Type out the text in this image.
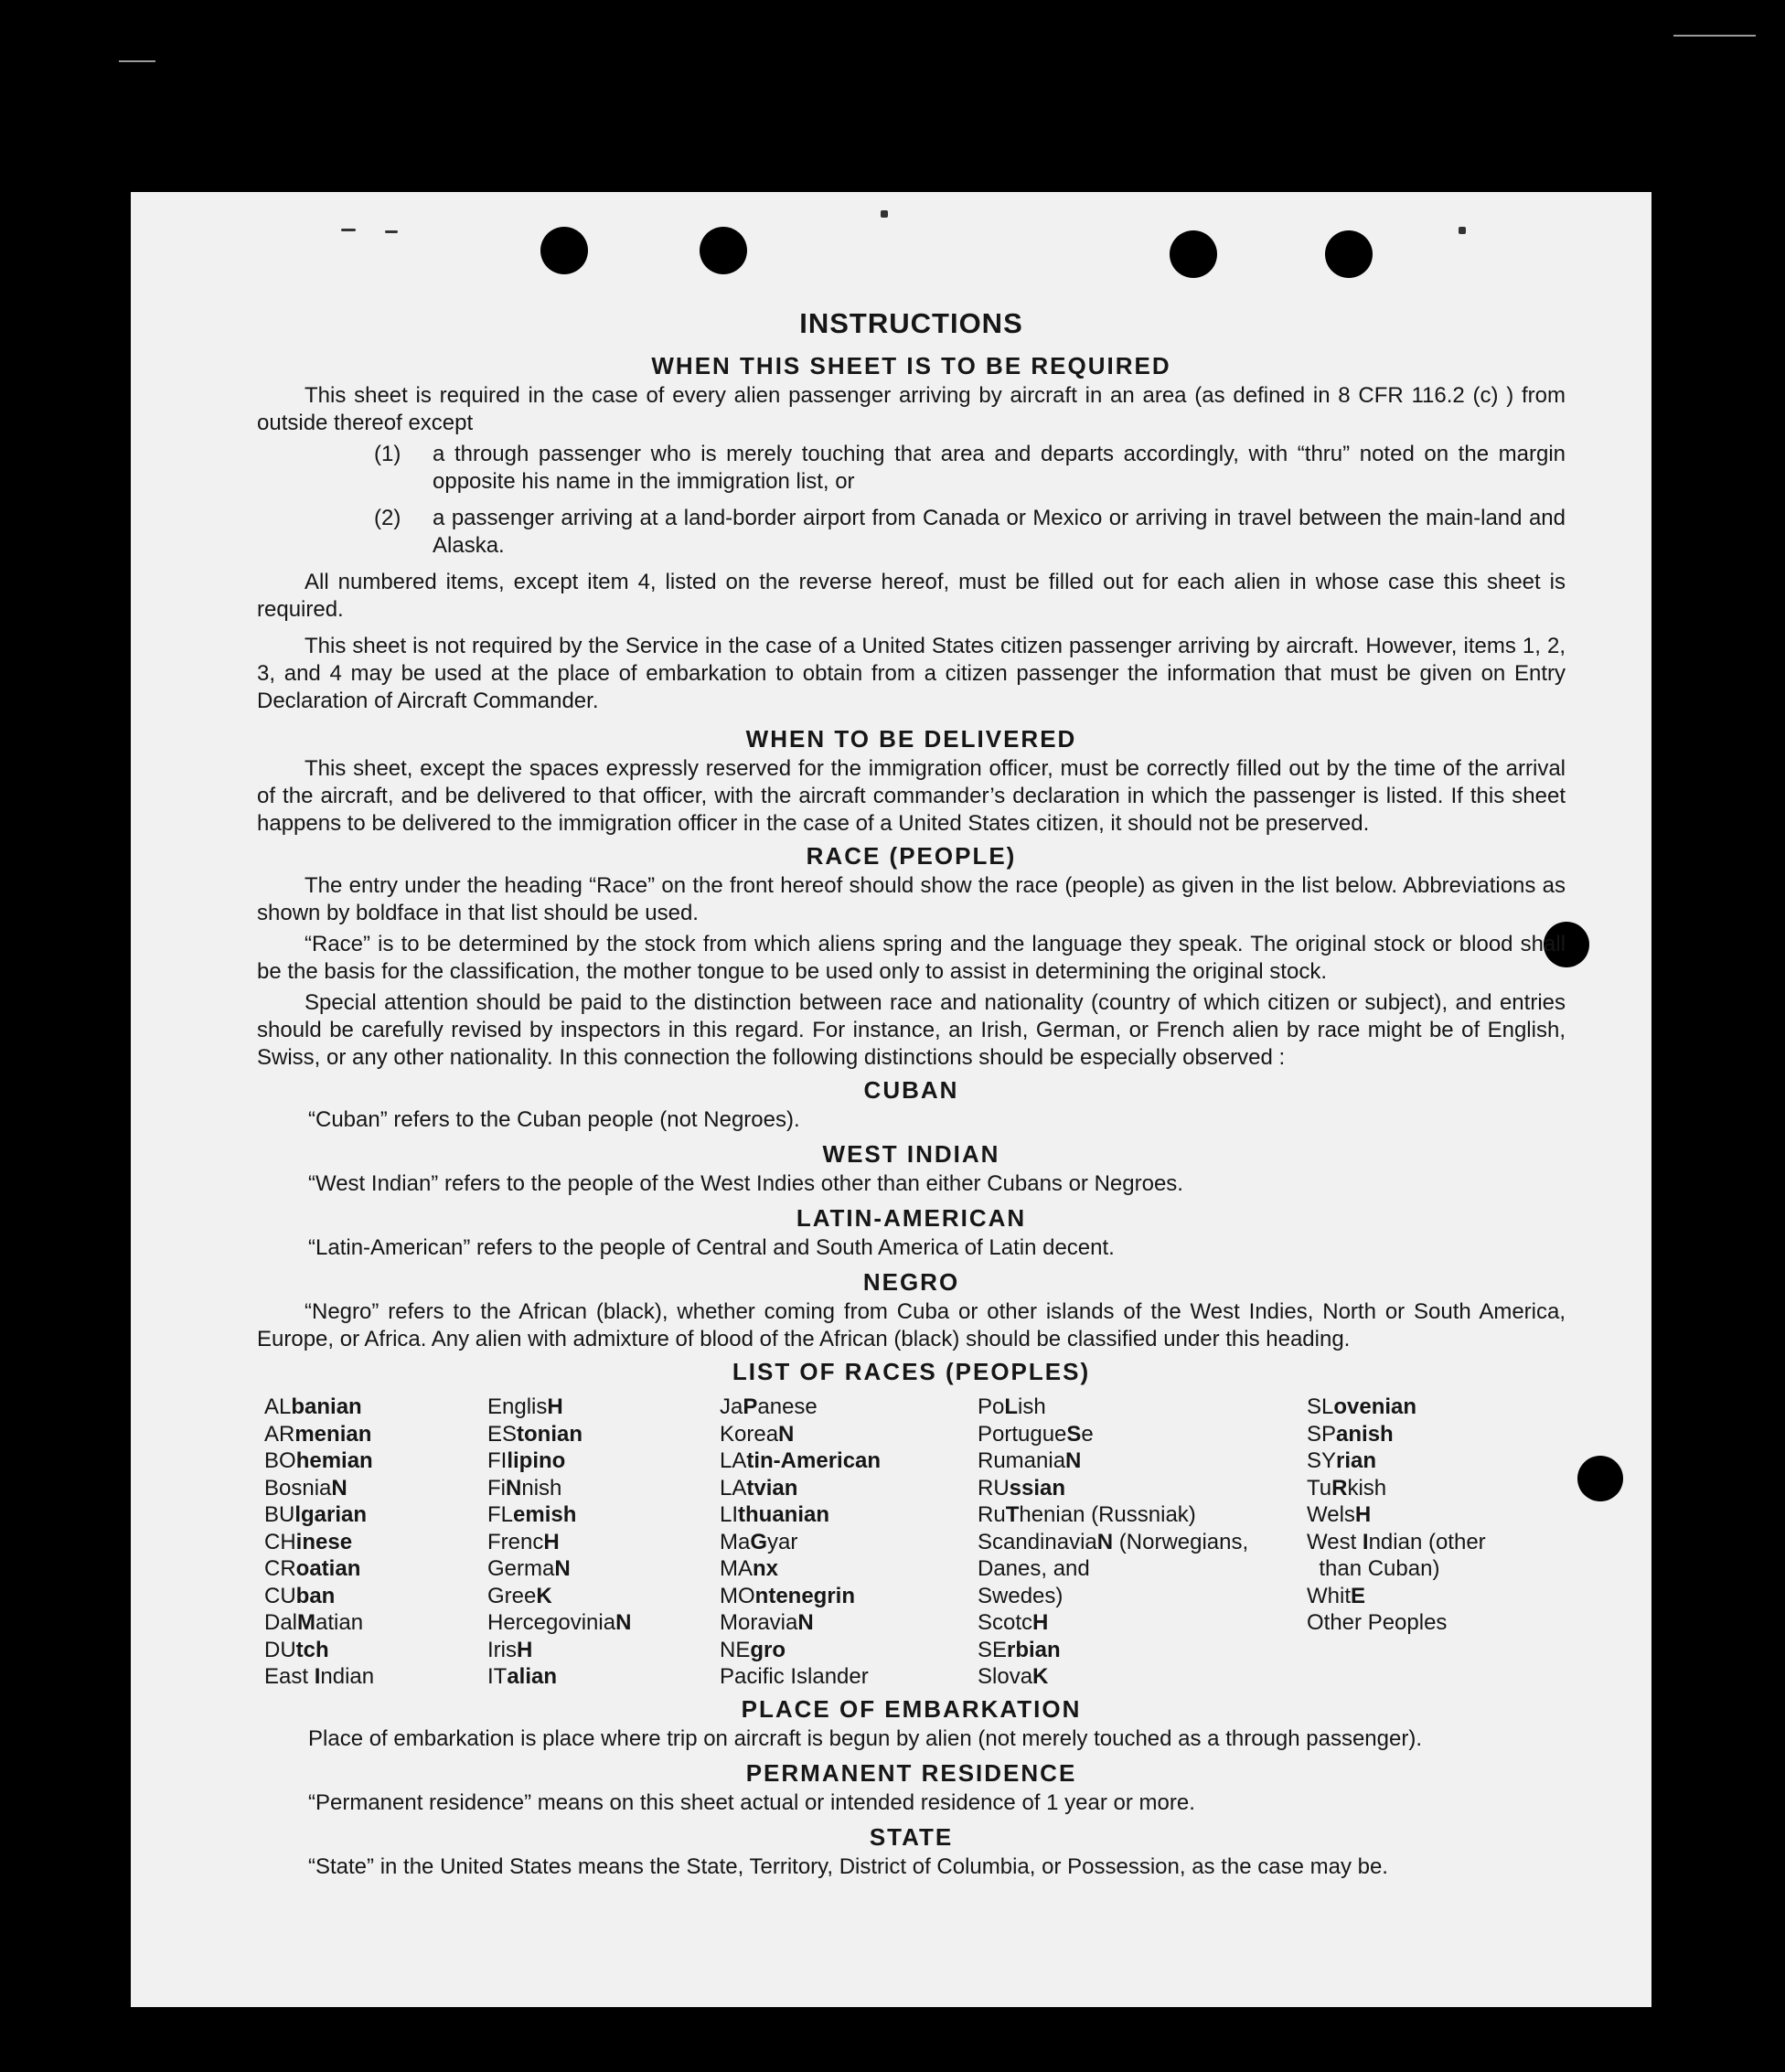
INSTRUCTIONS
WHEN THIS SHEET IS TO BE REQUIRED

This sheet is required in the case of every alien passenger arriving by aircraft in an area (as defined in 8 CFR 116.2 (c) ) from outside thereof except

(1)	a through passenger who is merely touching that area and departs accordingly, with “thru” noted on the margin opposite his name in the immigration list, or
(2)	a passenger arriving at a land-border airport from Canada or Mexico or arriving in travel between the main-land and Alaska.

All numbered items, except item 4, listed on the reverse hereof, must be filled out for each alien in whose case this sheet is required.

This sheet is not required by the Service in the case of a United States citizen passenger arriving by aircraft. However, items 1, 2, 3, and 4 may be used at the place of embarkation to obtain from a citizen passenger the information that must be given on Entry Declaration of Aircraft Commander.

WHEN TO BE DELIVERED

This sheet, except the spaces expressly reserved for the immigration officer, must be correctly filled out by the time of the arrival of the aircraft, and be delivered to that officer, with the aircraft commander’s declaration in which the passenger is listed. If this sheet happens to be delivered to the immigration officer in the case of a United States citizen, it should not be preserved.

RACE (PEOPLE)

The entry under the heading “Race” on the front hereof should show the race (people) as given in the list below. Abbreviations as shown by boldface in that list should be used.

“Race” is to be determined by the stock from which aliens spring and the language they speak. The original stock or blood shall be the basis for the classification, the mother tongue to be used only to assist in determining the original stock.

Special attention should be paid to the distinction between race and nationality (country of which citizen or subject), and entries should be carefully revised by inspectors in this regard. For instance, an Irish, German, or French alien by race might be of English, Swiss, or any other nationality. In this connection the following distinctions should be especially observed :

CUBAN

“Cuban” refers to the Cuban people (not Negroes).

WEST INDIAN

“West Indian” refers to the people of the West Indies other than either Cubans or Negroes.

LATIN-AMERICAN

“Latin-American” refers to the people of Central and South America of Latin decent.

NEGRO

“Negro” refers to the African (black), whether coming from Cuba or other islands of the West Indies, North or South America, Europe, or Africa. Any alien with admixture of blood of the African (black) should be classified under this heading.

LIST OF RACES (PEOPLES)
ALbanian
ARmenian
BOhemian
BosniaN
BUlgarian
CHinese
CRoatian
CUban
DalMatian
DUtch
East Indian
EnglisH
EStonian
FIlipino
FiNnish
FLemish
FrencH
GermaN
GreeK
HercegoviniaN
IrisH
ITalian
JaPanese
KoreaN
LAtin-American
LAtvian
LIthuanian
MaGyar
MAnx
MOntenegrin
MoraviaN
NEgro
Pacific Islander
PoLish
PortugueSe
RumaniaN
RUssian
RuThenian (Russniak)
ScandinaviaN (Norwegians,
Danes, and
Swedes)
ScotcH
SErbian
SlovaK
SLovenian
SPanish
SYrian
TuRkish
WelsH
West Indian (other
than Cuban)
WhitE
Other Peoples
PLACE OF EMBARKATION

Place of embarkation is place where trip on aircraft is begun by alien (not merely touched as a through passenger).

PERMANENT RESIDENCE

“Permanent residence” means on this sheet actual or intended residence of 1 year or more.

STATE

“State” in the United States means the State, Territory, District of Columbia, or Possession, as the case may be.
